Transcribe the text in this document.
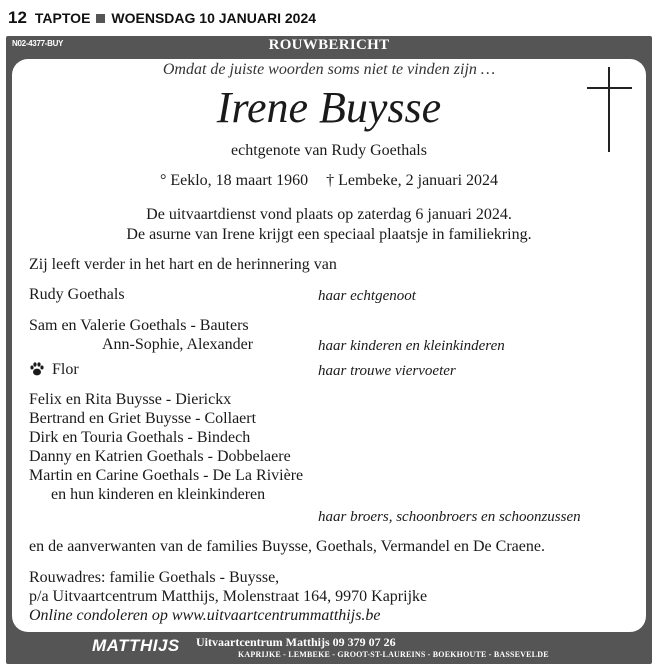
12 TAPTOE WOENSDAG 10 JANUARI 2024
N02-4377-BUY	ROUWBERICHT
Omdat de juiste woorden soms niet te vinden zijn …
Irene Buysse
echtgenote van Rudy Goethals
° Eeklo, 18 maart 1960 † Lembeke, 2 januari 2024
De uitvaartdienst vond plaats op zaterdag 6 januari 2024.
De asurne van Irene krijgt een speciaal plaatsje in familiekring.
Zij leeft verder in het hart en de herinnering van
Rudy Goethals	haar echtgenoot
Sam en Valerie Goethals - Bauters
Ann-Sophie, Alexander	haar kinderen en kleinkinderen
Flor	haar trouwe viervoeter
Felix en Rita Buysse - Dierickx
Bertrand en Griet Buysse - Collaert
Dirk en Touria Goethals - Bindech
Danny en Katrien Goethals - Dobbelaere
Martin en Carine Goethals - De La Rivière
en hun kinderen en kleinkinderen
haar broers, schoonbroers en schoonzussen
en de aanverwanten van de families Buysse, Goethals, Vermandel en De Craene.
Rouwadres: familie Goethals - Buysse,
p/a Uitvaartcentrum Matthijs, Molenstraat 164, 9970 Kaprijke
Online condoleren op www.uitvaartcentrummatthijs.be
MATTHIJS Uitvaartcentrum Matthijs 09 379 07 26
KAPRIJKE - LEMBEKE - GROOT-ST-LAUREINS - BOEKHOUTE - BASSEVELDE
